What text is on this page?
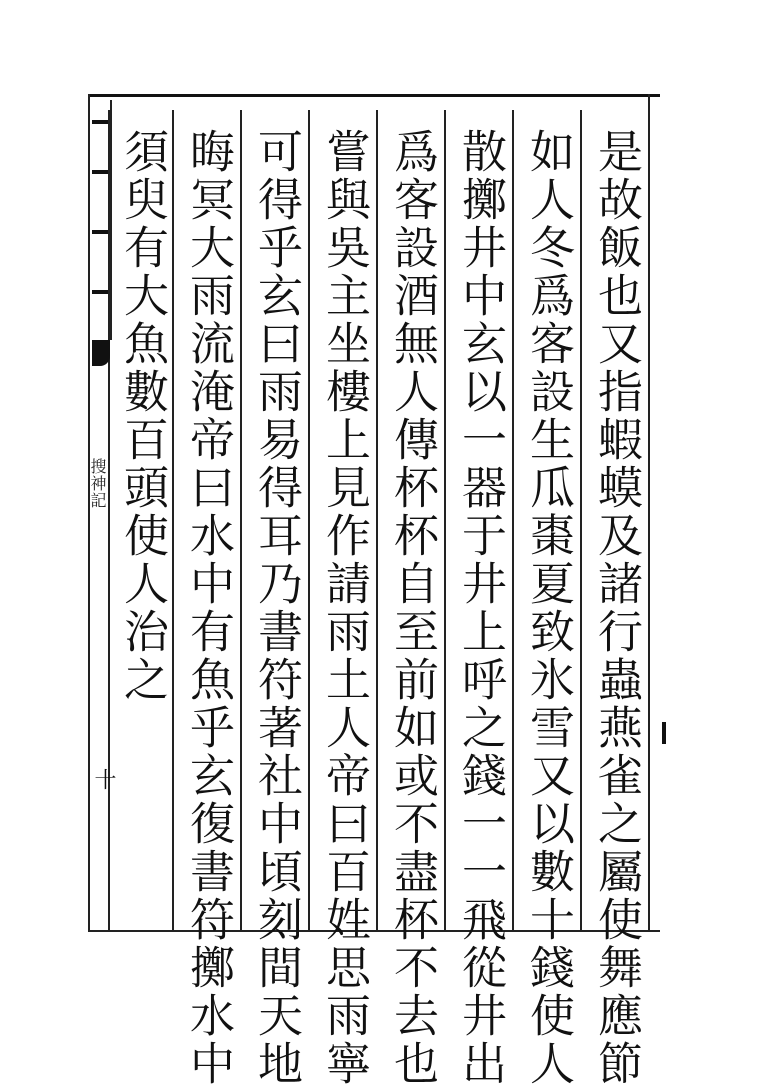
是故飯也又指蝦蟆及諸行蟲燕雀之屬使舞應節
如人冬爲客設生瓜棗夏致氷雪又以數十錢使人
散擲井中玄以一器于井上呼之錢一一飛從井出
爲客設酒無人傳杯杯自至前如或不盡杯不去也
嘗與吳主坐樓上見作請雨土人帝曰百姓思雨寧
可得乎玄曰雨易得耳乃書符著社中頃刻間天地
晦冥大雨流淹帝曰水中有魚乎玄復書符擲水中
須臾有大魚數百頭使人治之
搜神記
十
